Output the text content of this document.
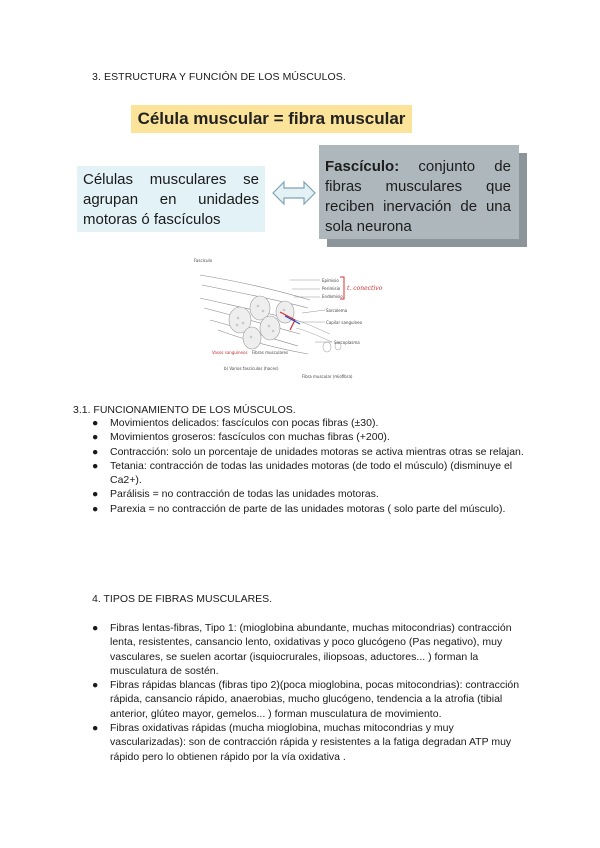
3. ESTRUCTURA Y FUNCIÓN DE LOS MÚSCULOS.
Célula muscular = fibra muscular
Células musculares se agrupan en unidades motoras ó fascículos
Fascículo: conjunto de fibras musculares que reciben inervación de una sola neurona
Fascículo
Epimisio
Perimisio
Endomisio
Sarcolema
Capilar sanguíneo
Sarcoplasma
Vasos sanguíneos Fibras musculares
b) Varios fascículos (haces)
Fibra muscular (miofibra)
t. conectivo
3.1. FUNCIONAMIENTO DE LOS MÚSCULOS.
● Movimientos delicados: fascículos con pocas fibras (±30).
● Movimientos groseros: fascículos con muchas fibras (+200).
● Contracción: solo un porcentaje de unidades motoras se activa mientras otras se relajan.
● Tetania: contracción de todas las unidades motoras (de todo el músculo) (disminuye el Ca2+).
● Parálisis = no contracción de todas las unidades motoras.
● Parexia = no contracción de parte de las unidades motoras ( solo parte del músculo).
4. TIPOS DE FIBRAS MUSCULARES.
● Fibras lentas-fibras, Tipo 1: (mioglobina abundante, muchas mitocondrias) contracción lenta, resistentes, cansancio lento, oxidativas y poco glucógeno (Pas negativo), muy vasculares, se suelen acortar (isquiocrurales, iliopsoas, aductores... ) forman la musculatura de sostén.
● Fibras rápidas blancas (fibras tipo 2)(poca mioglobina, pocas mitocondrias): contracción rápida, cansancio rápido, anaerobias, mucho glucógeno, tendencia a la atrofia (tibial anterior, glúteo mayor, gemelos... ) forman musculatura de movimiento.
● Fibras oxidativas rápidas (mucha mioglobina, muchas mitocondrias y muy vascularizadas): son de contracción rápida y resistentes a la fatiga degradan ATP muy rápido pero lo obtienen rápido por la vía oxidativa .
